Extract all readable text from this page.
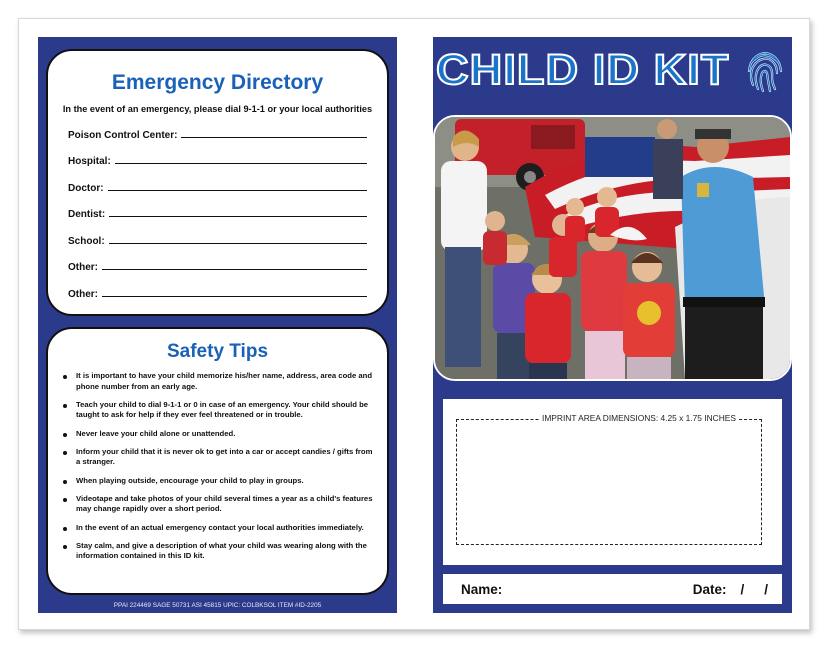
Emergency Directory
In the event of an emergency, please dial 9-1-1 or your local authorities
Poison Control Center:
Hospital:
Doctor:
Dentist:
School:
Other:
Other:
Safety Tips
It is important to have your child memorize his/her name, address, area code and phone number from an early age.
Teach your child to dial 9-1-1 or 0 in case of an emergency. Your child should be taught to ask for help if they ever feel threatened or in trouble.
Never leave your child alone or unattended.
Inform your child that it is never ok to get into a car or accept candies / gifts from a stranger.
When playing outside, encourage your child to play in groups.
Videotape and take photos of your child several times a year as a child's features may change rapidly over a short period.
In the event of an actual emergency contact your local authorities immediately.
Stay calm, and give a description of what your child was wearing along with the information contained in this ID kit.
PPAI 224469 SAGE 50731 ASI 45815 UPIC: COLBKSOL ITEM #ID-2205
CHILD ID KIT
IMPRINT AREA DIMENSIONS: 4.25 x 1.75 INCHES
Name:	Date: / /
